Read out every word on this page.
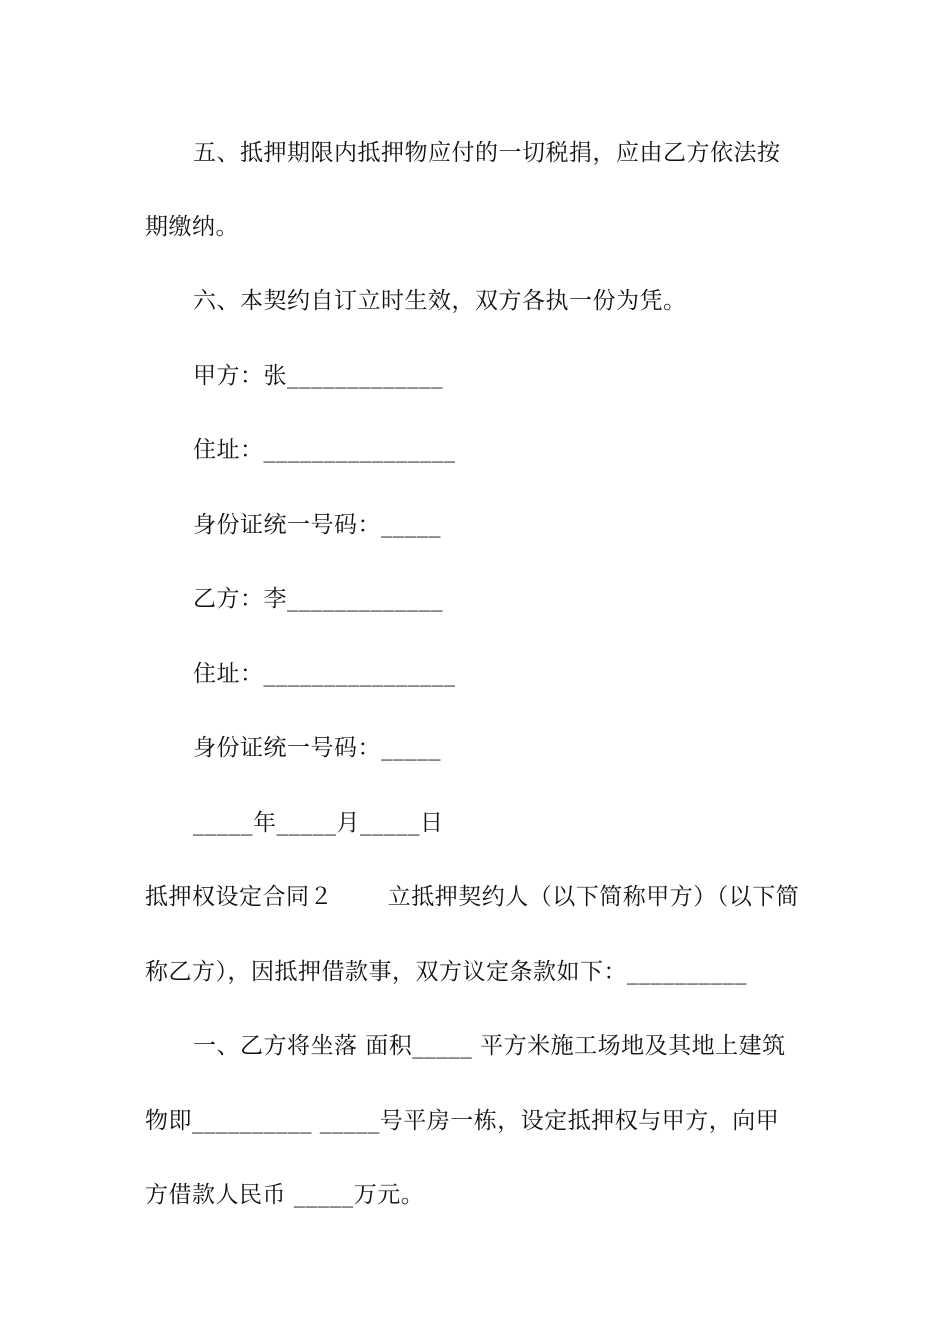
五、抵押期限内抵押物应付的一切税捐，应由乙方依法按
期缴纳。
六、本契约自订立时生效，双方各执一份为凭。
甲方：张_____________
住址：________________
身份证统一号码：_____
乙方：李_____________
住址：________________
身份证统一号码：_____
_____年_____月_____日
抵押权设定合同２　　 立抵押契约人（以下简称甲方）（以下简
称乙方），因抵押借款事，双方议定条款如下：__________
一、乙方将坐落 面积_____ 平方米施工场地及其地上建筑
物即__________ _____号平房一栋，设定抵押权与甲方，向甲
方借款人民币 _____万元。
